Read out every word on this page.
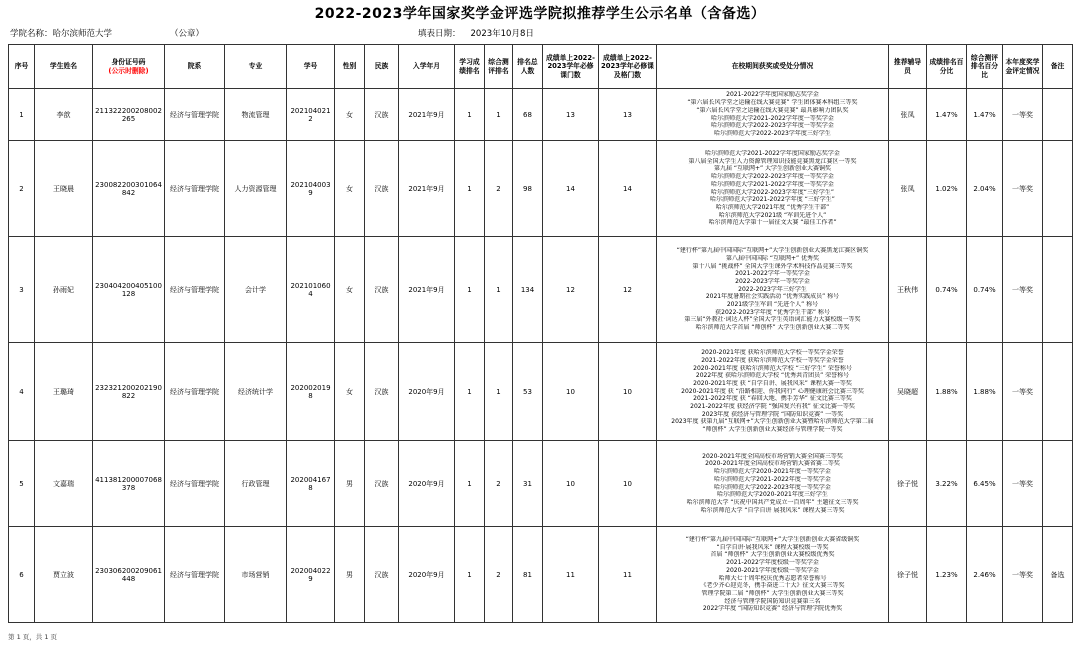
2022-2023学年国家奖学金评选学院拟推荐学生公示名单（含备选）
学院名称：哈尔滨师范大学	（公章）	填表日期： 2023年10月8日
序号	学生姓名	身份证号码
(公示时删除)	院系	专业	学号	性别	民族	入学年月	学习成绩排名	综合测评排名	排名总人数	成绩单上2022-2023学年必修课门数	成绩单上2022-2023学年必修课及格门数	在校期间获奖或受处分情况	推荐辅导员	成绩排名百分比	综合测评排名百分比	本年度奖学金评定情况	备注
1	李歆	211322200208002265	经济与管理学院	物流管理	2021040212	女	汉族	2021年9月	1	1	68	13	13	
2021-2022学年度国家励志奖学金
“第六届长风学堂之运输在线大赛竞赛” 学生团体赛本科组三等奖
“第六届长风学堂之运输在线大赛竞赛” 最具影响力团队奖
哈尔滨师范大学2021-2022学年度一等奖学金
哈尔滨师范大学2022-2023学年度一等奖学金
哈尔滨师范大学2022-2023学年度三好学生
	张凤	1.47%	1.47%	一等奖	
2	王晓晨	230082200301064842	经济与管理学院	人力资源管理	2021040039	女	汉族	2021年9月	1	2	98	14	14	
哈尔滨师范大学2021-2022学年度国家励志奖学金
第八届全国大学生人力资源管理知识技能竞赛黑龙江赛区一等奖
第九届 “互联网+” 大学生创新创业大赛铜奖
哈尔滨师范大学2022-2023学年度一等奖学金
哈尔滨师范大学2021-2022学年度一等奖学金
哈尔滨师范大学2022-2023学年度“三好学生”
哈尔滨师范大学2021-2022学年度 “三好学生”
哈尔滨师范大学2021年度 “优秀学生干部”
哈尔滨师范大学2021级 “军训先进个人”
哈尔滨师范大学第十一届征文大赛 “最佳工作者”
	张凤	1.02%	2.04%	一等奖	
3	孙雨妃	230404200405100128	经济与管理学院	会计学	2021010604	女	汉族	2021年9月	1	1	134	12	12	
“建行杯”第九届中国国际“互联网+”大学生创新创业大赛黑龙江赛区铜奖
第八届中国国际 “互联网+” 优秀奖
第十八届 “挑战杯” 全国大学生课外学术科技作品竞赛三等奖
2021-2022学年一等奖学金
2022-2023学年一等奖学金
2022-2023学年三好学生
2021年度暑期社会实践活动 “优秀实践成员” 称号
2021级学生军训 “先进个人” 称号
获2022-2023学年度 “优秀学生干部” 称号
第三届“外教社·词达人杯”全国大学生英语词汇能力大赛校级一等奖
哈尔滨师范大学首届 “师创杯” 大学生创新创业大赛二等奖
	王秋伟	0.74%	0.74%	一等奖	
4	王璐琦	232321200202190822	经济与管理学院	经济统计学	2020020198	女	汉族	2020年9月	1	1	53	10	10	
2020-2021年度 获哈尔滨师范大学校一等奖学金荣誉
2021-2022年度 获哈尔滨师范大学校一等奖学金荣誉
2020-2021年度 获哈尔滨师范大学校 “三好学生” 荣誉称号
2022年度 获哈尔滨师范大学校 “优秀共青团员” 荣誉称号
2020-2021年度 获 “自学自讲、展我风采” 课程大赛一等奖
2020-2021年度 获 “沿路相迎、你我同行” 心理健康班会比赛三等奖
2021-2022年度 获 “春回大地、携手芳华” 征文比赛三等奖
2021-2022年度 获经济学院 “强国复兴有我” 征文比赛一等奖
2023年度 获经济与管理学院 “国防知识竞赛” 一等奖
2023年度 获第九届“互联网+”大学生创新创业大赛暨哈尔滨师范大学第二届
“师创杯” 大学生创新创业大赛经济与管理学院一等奖
	吴晓超	1.88%	1.88%	一等奖	
5	文嘉瑞	411381200007068378	经济与管理学院	行政管理	2020041678	男	汉族	2020年9月	1	2	31	10	10	
2020-2021年度全国高校市场营销大赛全国赛三等奖
2020-2021年度全国高校市场营销大赛省赛二等奖
哈尔滨师范大学2020-2021年度一等奖学金
哈尔滨师范大学2021-2022年度一等奖学金
哈尔滨师范大学2022-2023年度一等奖学金
哈尔滨师范大学2020-2021年度三好学生
哈尔滨师范大学 “庆祝中国共产党成立一百周年” 主题征文三等奖
哈尔滨师范大学 “自学自讲 展我风采” 课程大赛三等奖
	徐子悦	3.22%	6.45%	一等奖	
6	贾立波	230306200209061448	经济与管理学院	市场营销	2020040229	男	汉族	2020年9月	1	2	81	11	11	
“建行杯”第九届中国国际“互联网+”大学生创新创业大赛省级铜奖
“自学自讲·展我风采” 课程大赛校级一等奖
首届 “师创杯” 大学生创新创业大赛校级优秀奖
2021-2022学年度校级一等奖学金
2020-2021学年度校级一等奖学金
哈师大七十周年校庆优秀志愿者荣誉称号
《老少齐心迎克冬，携手奋进二十大》征文大赛三等奖
管理学院第二届 “师创杯” 大学生创新创业大赛三等奖
经济与管理学院国防知识竞赛第三名
2022学年度 “国防知识竞赛” 经济与管理学院优秀奖
	徐子悦	1.23%	2.46%	一等奖	备选
第 1 页，共 1 页
